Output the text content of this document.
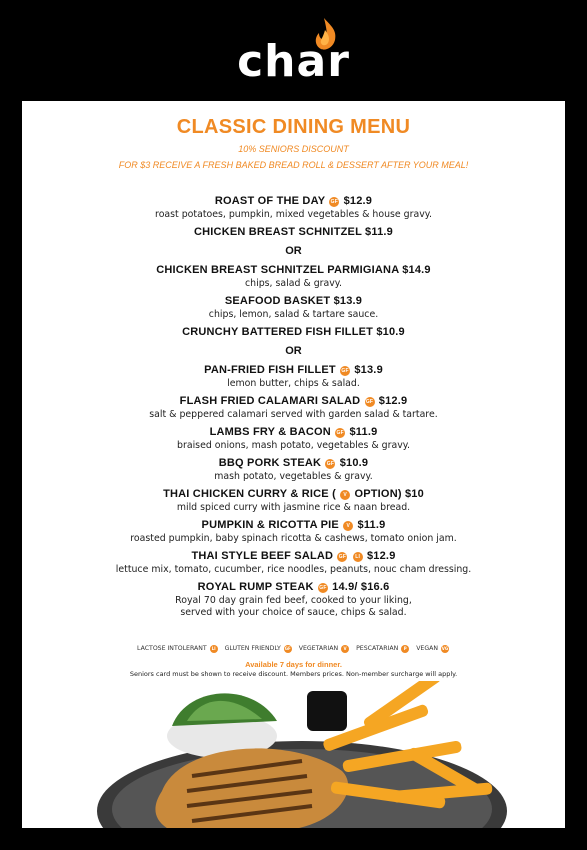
char
CLASSIC DINING MENU
10% SENIORS DISCOUNT
FOR $3 RECEIVE A FRESH BAKED BREAD ROLL & DESSERT AFTER YOUR MEAL!
ROAST OF THE DAY GF $12.9
roast potatoes, pumpkin, mixed vegetables & house gravy.
CHICKEN BREAST SCHNITZEL $11.9
OR
CHICKEN BREAST SCHNITZEL PARMIGIANA $14.9
chips, salad & gravy.
SEAFOOD BASKET $13.9
chips, lemon, salad & tartare sauce.
CRUNCHY BATTERED FISH FILLET $10.9
OR
PAN-FRIED FISH FILLET GF $13.9
lemon butter, chips & salad.
FLASH FRIED CALAMARI SALAD GF $12.9
salt & peppered calamari served with garden salad & tartare.
LAMBS FRY & BACON GF $11.9
braised onions, mash potato, vegetables & gravy.
BBQ PORK STEAK GF $10.9
mash potato, vegetables & gravy.
THAI CHICKEN CURRY & RICE ( V OPTION) $10
mild spiced curry with jasmine rice & naan bread.
PUMPKIN & RICOTTA PIE V $11.9
roasted pumpkin, baby spinach ricotta & cashews, tomato onion jam.
THAI STYLE BEEF SALAD GF LI $12.9
lettuce mix, tomato, cucumber, rice noodles, peanuts, nouc cham dressing.
ROYAL RUMP STEAK GF 14.9/ $16.6
Royal 70 day grain fed beef, cooked to your liking,
served with your choice of sauce, chips & salad.
LACTOSE INTOLERANT LI GLUTEN FRIENDLY GF VEGETARIAN V PESCATARIAN P VEGAN VG
Available 7 days for dinner.
Seniors card must be shown to receive discount. Members prices. Non-member surcharge will apply.
